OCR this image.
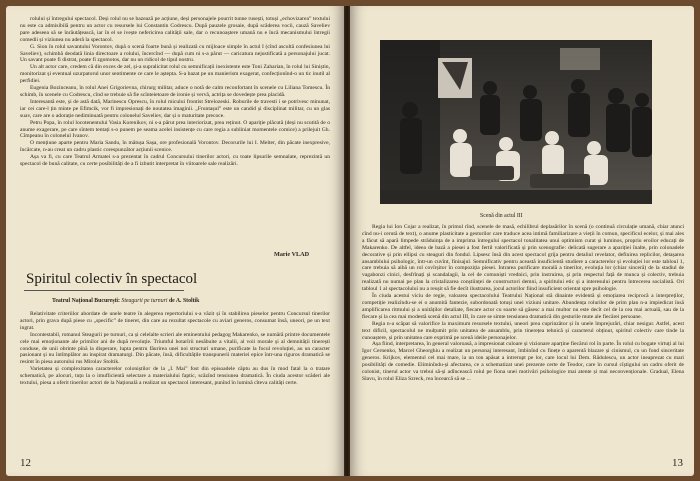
rolului și întregului spectacol. Deși rolul nu se bazează pe acțiune, deși personajele pourrit tunne rusești, totuși „echovizarea” textului nu este ca admisibilă pentru un actor cu resursele lui Constantin Codrescu. După pauzele grosaie, după scăderea vocii, cauză Saveliev pare adeseea să se înrăutățească, iar în el se ivește nefericirea calității sale, dar o recunoaștere umană nu e încă mecanismului întregii comedii și viziunea nu aderă la spectacol.

G. Sion în rolul savantului Vorontov, după o scenă foarte bună și realizată cu mijloace simple în actul I (cînd ascultă confesiunea lui Saveliev), schimbă deodată linia directoare a rolului, încercînd — după cum ni s-a părut — caricatura nejustificată a personajului jucat. Un savant poate fi distrat, poate fi zgomotos, dar nu un ridicol de tipul nostru.

Un alt actor care, credem că din exces de zel, și-a supralicitat rolul cu semnificații inexistente este Toni Zaharian, în rolul lui Siniștin, monitorizat și eventual uzurpatorul unor sentimente ce care le aștepta. S-a bazat pe un manierism exagerat, confecționînd-o un tic inutil al perfidiei.

Eugenia Bozinceanu, în rolul Anei Grigorievna, chirurg militar, aduce o notă de calm reconfortant în scenele cu Liliana Tomescu. În schimb, în scenele cu Codrescu, cînd se trebuie să fie scînteietoare de ironie și vervă, actrița se dovedește prea placidă.

Interesantă este, și de astă dată, Marinescu Oprescu, în rolul micului frontist Strelozeski. Roburile de travesti i se potrivesc minunat, iar cei care-l țin minte pe Efimcik, vor fi impresionați de noutatea imaginii. „Fruntașul” este un candid și disciplinat militar, cu un glas suav, care are o adorație nediminuată pentru colonelul Saveliev, dar și o maturitate precoce.

Petru Popa, în rolul locotenentului Vasia Korenikov, ni s-a părut prea interiorizat, prea reținut. O apariție plăcută (deși nu scutită de o anume exagerare, pe care sîntem tentați s-o punem pe seama acelei insistențe cu care regia a subliniat momentele comice) a prilejuit Gh. Cîmpeanu în colonelul Ivanov.

O mențiune aparte pentru Maria Sandu, în mătușa Sașa, ore profesională Vorontov. Decorurile lui I. Melter, din păcate inexpresive, încărcate, n-au creat un cadru plastic corespunzător acțiunii scenice.

Așa va fi, cu care Teatrul Armatei s-a prezentat în cadrul Concursului tinerilor actori, cu toate lipsurile semnalate, reprezintă un spectacol de bună calitate, cu certe posibilități de a fi izbutit interpretat în viitoarele sale realizări.

Marie VLAD
Spiritul colectiv în spectacol
Teatrul Național București: Steagurii pe turnuri de A. Stoltik

Relativitate criteriilor abordate de unele teatre în alegerea repertoriului s-a văzit și în stabilirea pieselor pentru Concursul tinerilor actori, prin grava după piese cu „specific” de tineret, din care au rezultat spectacole cu aviari generos, consumat însă, uneori, pe un text ingrat.

Incontestabil, romanul Steagurii pe turnuri, ca și celelalte scrieri ale eminentului pedagog Makarenko, se numără printre documentele cele mai emoționante ale primilor ani de după revoluție. Triumful hotarîrii nesăbuite a vitalii, al voii morale și al demnității tinerești conduse, de unii obrinte pînă la disperare, lupta pentru făurirea unei noi structuri umane, purificate la focul revoluției, au un caracter pasionant și nu întîmplător au inspirat dramaturgi. Din păcate, însă, dificultățile transpunerii materiei epice într-una riguros dramatică se resimt în piesa autorului rus Mirolav Stoltik.

Varietatea și complexitatea caracterelor coloniștilor de la „I. Mai” fost din episoadele căptu au dus în mod fatal la o tratare schematică, pe alocuri, tuțu la o imuflicientă selectare a materialului faptic, scăzînd tensiunea dramatică. În ciuda acestor scăderi ale textului, piesa a oferit tinerilor actori de la Națională a realizat un spectacol interesant, punînd în lumină cîteva calități certe.

12	13
Scenă din actul III

Regia lui Ion Cojar a realizat, în primul rînd, scenele de masă, echilibrul deplasărilor în scenă (o continuă circulație umană, chiar atunci cînd nu-i cerută de text), o anume plasticitate a gesturilor care traduce acea intimă familiarizare a vieții în comun, specificul ecelor, și mai ales a făcut să apară limpede străduința de a imprima întregului spectacol tonalitatea unui optimism curat și luminos, propriu eroilor educați de Makarenko. De altfel, ideea de bază a piesei a fost fertil valorificată și prin scenografie: delicată sugerare a apariției înalte, prin colonadele decorative și prin ellipsi cu steaguri din fondul. Lipsesc însă din acest spectacol grija pentru detaliul revelator, definirea replicilor, detașarea ansamblului psihologic, într-un cuvînt, finisajul. Semnificativ pentru această insuficientă studiere a caracterelor și evoluției lor este tabloul 1, care trebuia să aibă un rol covîrșitor în compoziția piesei. Intrarea purificare morală a tinerilor, evoluția lor (chiar sinceră) de la stadiul de vagabonzi cinici, desfrînați și scandalagii, la cel de comuniști vrednici, prin instruirea, și prin respectul față de munca și colectiv, trebuia realizată nu numai pe plan la cristalizarea conștiinței de constructori demni, a spiritului etic și a interesului pentru întrecerea socialistă. Ori tabloul 1 al spectacolului nu a reușit să fie decît ilustrarea, jocul actorilor fiind insuficient orientat spre psihologie.

În ciuda acestui viciu de regie, valoarea spectacolului Teatrului Național stă dinainte evidentă și emoțiarea reciprocă a interpreților, competiție realizîndu-se ei o anumită fantezie, subordonată totuși unei viziuni unitare. Abundența rolurilor de prim plan n-a impiedicat însă amplificarea ritmului și a unităților detaliate, fiecare actor cu soarte să găsesc a mai multor nu este decît cel de la cea mai actuală, sau de la fiecare și la cea mai modestă scenă din actul III, în care se simte tensiunea dramatică din gesturile mute ale fiecărei persoane.

Regia n-a scăpat să valorifice la maximum resursele textului, uneori prea cuprinzător și în unele împrejurări, chiar nesigur. Astfel, acest text dificil, spectacolul ne mulțumit prin unitatea de ansamblu, prin tinerețea tehnică și caracterul obținut, spiritul colectiv care tinde la cunoaștere, și prin unitatea care exprimă pe scenă ideile personajelor.

Așa fiind, interpretarea, în general valoroasă, a impresionat culoare și vizionare aparține fiecărui rol în parte. În rolul cu bogate virtuți al lui Igor Cernenko, Marcel Gheorghiu a realizat un personaj interesant, îmbinînd cu finețe o aparentă blazare și cinismul, cu un fond sinceritate generos. Krijkov, elementul cel mai mare, ia un ton apăsat a intrerupt pe lor, care locul lui Dem. Rădulescu, un actor ineaprezat cu mari posibilități de comedie. Eliminîndu-și afectarea, ce a schematizat unei prezente certe de Teodor, care în cursul cîștigului un cadru oferit de colonist, tinerul actor va trebui să-și adîncească rolul pe fiona unei motivări psihologice mai atente și mai neconvenționale. Gradual, Elena Slavu, în rolul Eliza Szreck, rea încearcă să se ...
